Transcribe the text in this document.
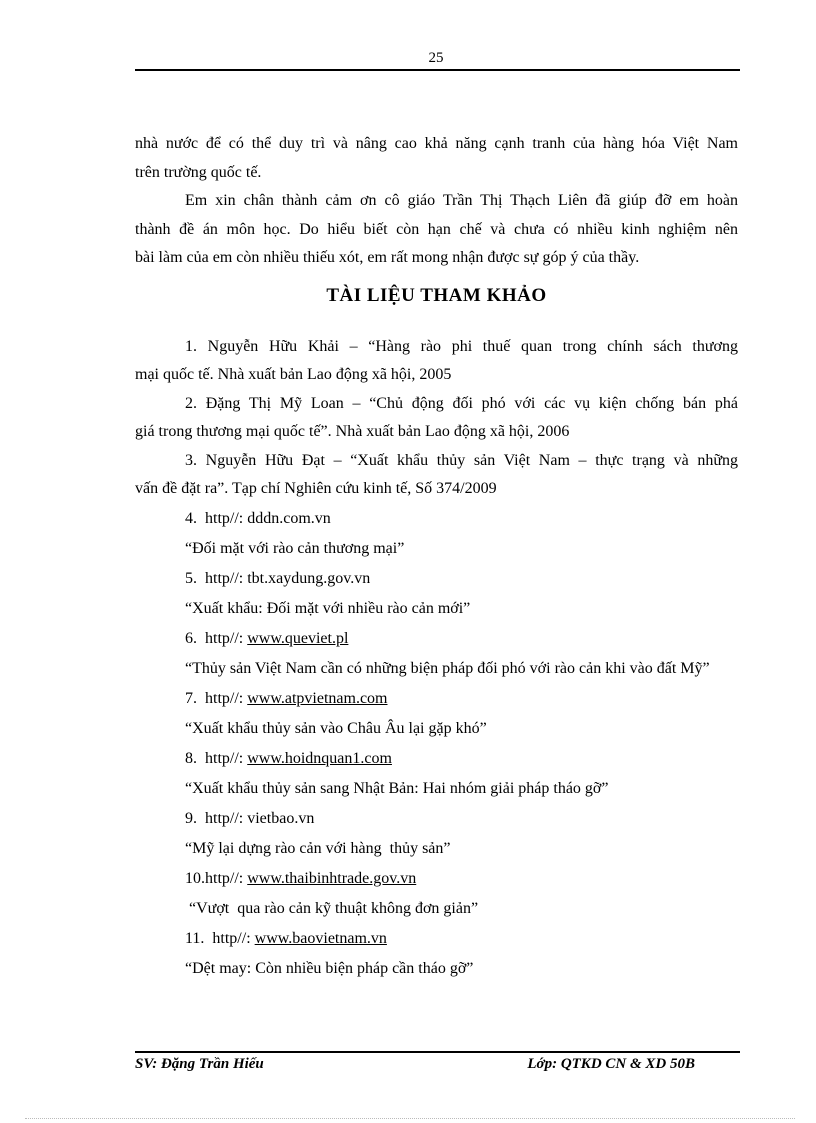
25

nhà nước để có thể duy trì và nâng cao khả năng cạnh tranh của hàng hóa Việt Nam
trên trường quốc tế.

Em xin chân thành cảm ơn cô giáo Trần Thị Thạch Liên đã giúp đỡ em hoàn
thành đề án môn học. Do hiểu biết còn hạn chế và chưa có nhiều kinh nghiệm nên
bài làm của em còn nhiều thiếu xót, em rất mong nhận được sự góp ý của thầy.

TÀI LIỆU THAM KHẢO

1. Nguyễn Hữu Khải – “Hàng rào phi thuế quan trong chính sách thương
mại quốc tế. Nhà xuất bản Lao động xã hội, 2005

2. Đặng Thị Mỹ Loan – “Chủ động đối phó với các vụ kiện chống bán phá
giá trong thương mại quốc tế”. Nhà xuất bản Lao động xã hội, 2006

3. Nguyễn Hữu Đạt – “Xuất khẩu thủy sản Việt Nam – thực trạng và những
vấn đề đặt ra”. Tạp chí Nghiên cứu kinh tế, Số 374/2009

4.  http//: dddn.com.vn
“Đối mặt với rào cản thương mại”

5.  http//: tbt.xaydung.gov.vn
“Xuất khẩu: Đối mặt với nhiều rào cản mới”

6.  http//: www.queviet.pl
“Thủy sản Việt Nam cần có những biện pháp đối phó với rào cản khi vào đất Mỹ”

7.  http//: www.atpvietnam.com
“Xuất khẩu thủy sản vào Châu Âu lại gặp khó”

8.  http//: www.hoidnquan1.com
“Xuất khẩu thủy sản sang Nhật Bản: Hai nhóm giải pháp tháo gỡ”

9.  http//: vietbao.vn
“Mỹ lại dựng rào cản với hàng  thủy sản”

10.http//: www.thaibinhtrade.gov.vn
“Vượt  qua rào cản kỹ thuật không đơn giản”

11.  http//: www.baovietnam.vn
“Dệt may: Còn nhiều biện pháp cần tháo gỡ”

SV: Đặng Trần Hiếu	Lớp: QTKD CN & XD 50B
